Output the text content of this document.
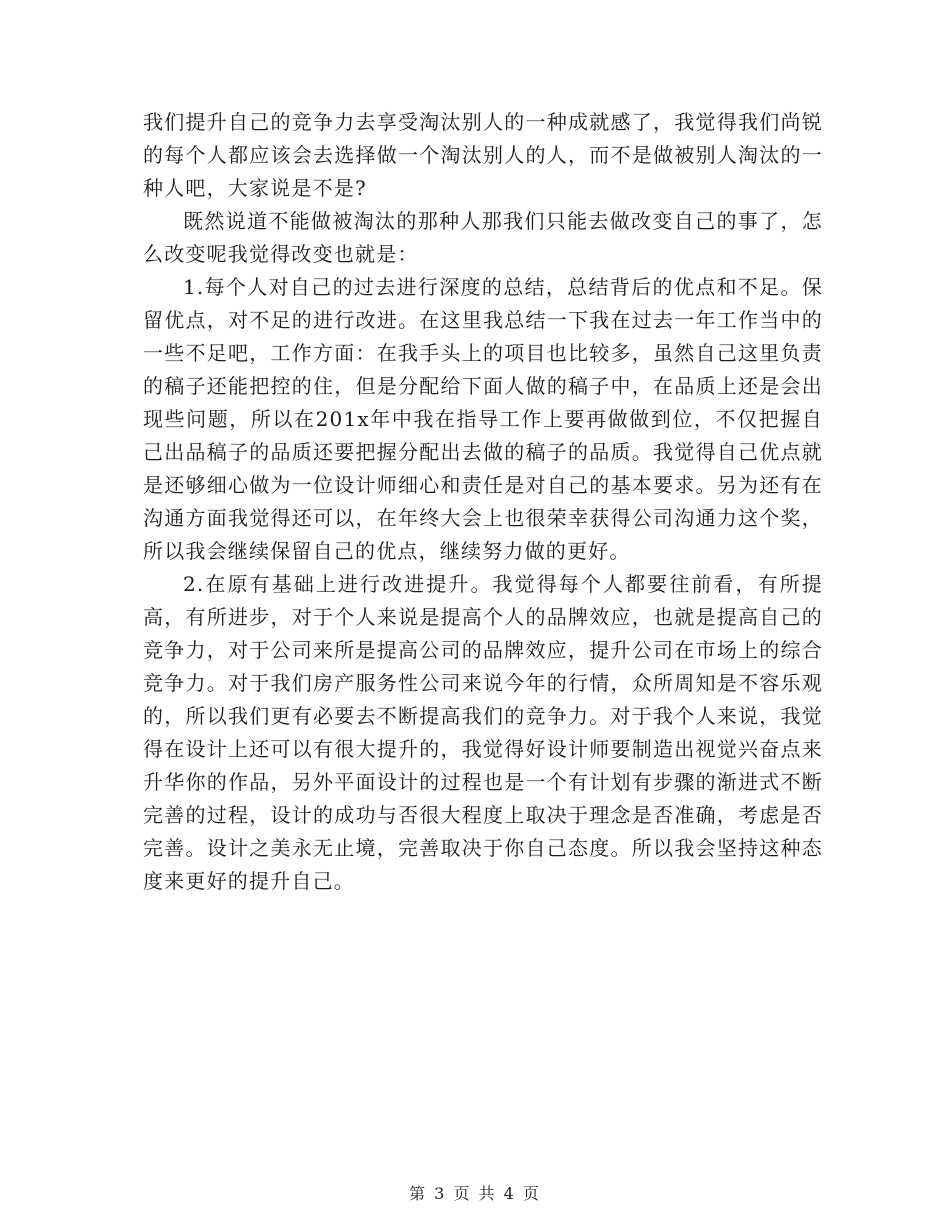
我们提升自己的竞争力去享受淘汰别人的一种成就感了，我觉得我们尚锐的每个人都应该会去选择做一个淘汰别人的人，而不是做被别人淘汰的一种人吧，大家说是不是?

既然说道不能做被淘汰的那种人那我们只能去做改变自己的事了，怎么改变呢我觉得改变也就是：

1.每个人对自己的过去进行深度的总结，总结背后的优点和不足。保留优点，对不足的进行改进。在这里我总结一下我在过去一年工作当中的一些不足吧，工作方面：在我手头上的项目也比较多，虽然自己这里负责的稿子还能把控的住，但是分配给下面人做的稿子中，在品质上还是会出现些问题，所以在201x年中我在指导工作上要再做做到位，不仅把握自己出品稿子的品质还要把握分配出去做的稿子的品质。我觉得自己优点就是还够细心做为一位设计师细心和责任是对自己的基本要求。另为还有在沟通方面我觉得还可以，在年终大会上也很荣幸获得公司沟通力这个奖，所以我会继续保留自己的优点，继续努力做的更好。

2.在原有基础上进行改进提升。我觉得每个人都要往前看，有所提高，有所进步，对于个人来说是提高个人的品牌效应，也就是提高自己的竞争力，对于公司来所是提高公司的品牌效应，提升公司在市场上的综合竞争力。对于我们房产服务性公司来说今年的行情，众所周知是不容乐观的，所以我们更有必要去不断提高我们的竞争力。对于我个人来说，我觉得在设计上还可以有很大提升的，我觉得好设计师要制造出视觉兴奋点来升华你的作品，另外平面设计的过程也是一个有计划有步骤的渐进式不断完善的过程，设计的成功与否很大程度上取决于理念是否准确，考虑是否完善。设计之美永无止境，完善取决于你自己态度。所以我会坚持这种态度来更好的提升自己。

第 3 页 共 4 页
